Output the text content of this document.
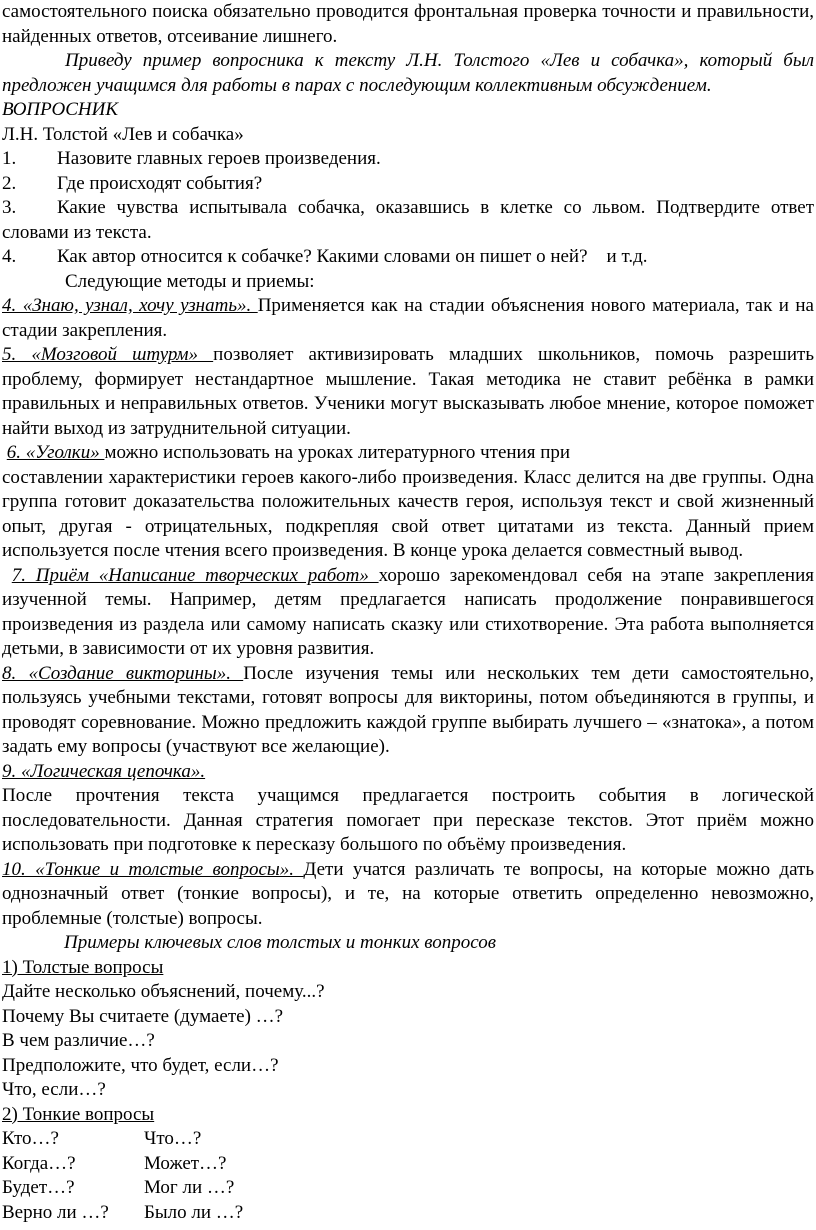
самостоятельного поиска обязательно проводится фронтальная проверка точности и правильности, найденных ответов, отсеивание лишнего.

Приведу пример вопросника к тексту Л.Н. Толстого «Лев и собачка», который был предложен учащимся для работы в парах с последующим коллективным обсуждением.

ВОПРОСНИК

Л.Н. Толстой «Лев и собачка»

1.	Назовите главных героев произведения.
2.	Где происходят события?
3. Какие чувства испытывала собачка, оказавшись в клетке со львом. Подтвердите ответ словами из текста.
4.	Как автор относится к собачке? Какими словами он пишет о ней?    и т.д.

Следующие методы и приемы:

4. «Знаю, узнал, хочу узнать». Применяется как на стадии объяснения нового материала, так и на стадии закрепления.

5. «Мозговой штурм» позволяет активизировать младших школьников, помочь разрешить проблему, формирует нестандартное мышление. Такая методика не ставит ребёнка в рамки правильных и неправильных ответов. Ученики могут высказывать любое мнение, которое поможет найти выход из затруднительной ситуации.

6. «Уголки» можно использовать на уроках литературного чтения при

составлении характеристики героев какого-либо произведения. Класс делится на две группы. Одна группа готовит доказательства положительных качеств героя, используя текст и свой жизненный опыт, другая - отрицательных, подкрепляя свой ответ цитатами из текста. Данный прием используется после чтения всего произведения. В конце урока делается совместный вывод.

7. Приём «Написание творческих работ» хорошо зарекомендовал себя на этапе закрепления изученной темы. Например, детям предлагается написать продолжение понравившегося произведения из раздела или самому написать сказку или стихотворение. Эта работа выполняется детьми, в зависимости от их уровня развития.

8. «Создание викторины». После изучения темы или нескольких тем дети самостоятельно, пользуясь учебными текстами, готовят вопросы для викторины, потом объединяются в группы, и проводят соревнование. Можно предложить каждой группе выбирать лучшего – «знатока», а потом задать ему вопросы (участвуют все желающие).

9. «Логическая цепочка».

После прочтения текста учащимся предлагается построить события в логической последовательности. Данная стратегия помогает при пересказе текстов. Этот приём можно использовать при подготовке к пересказу большого по объёму произведения.

10. «Тонкие и толстые вопросы». Дети учатся различать те вопросы, на которые можно дать однозначный ответ (тонкие вопросы), и те, на которые ответить определенно невозможно, проблемные (толстые) вопросы.

Примеры ключевых слов толстых и тонких вопросов

1) Толстые вопросы

Дайте несколько объяснений, почему...?

Почему Вы считаете (думаете) …?

В чем различие…?

Предположите, что будет, если…?

Что, если…?

2) Тонкие вопросы

Кто…?	Что…?
Когда…?	Может…?
Будет…?	Мог ли …?
Верно ли …?	Было ли …?
